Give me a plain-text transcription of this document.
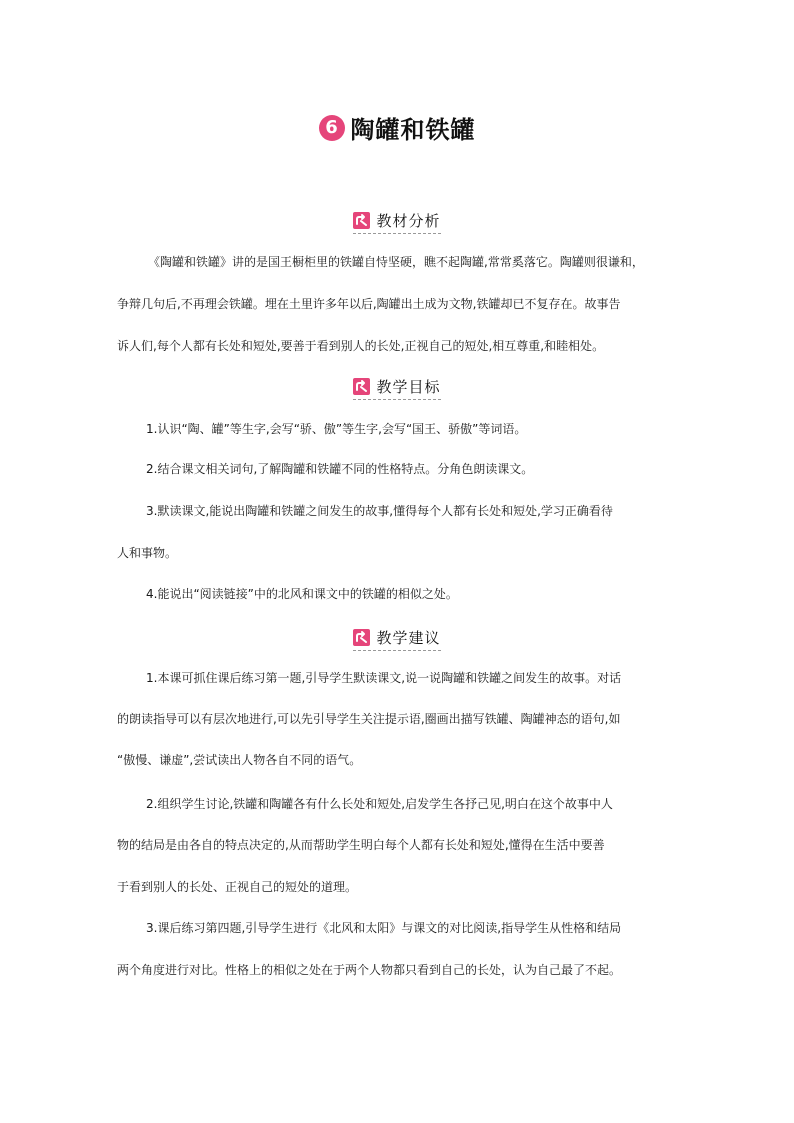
6 陶罐和铁罐
教材分析
《陶罐和铁罐》讲的是国王橱柜里的铁罐自恃坚硬，瞧不起陶罐,常常奚落它。陶罐则很谦和，
争辩几句后,不再理会铁罐。埋在土里许多年以后,陶罐出土成为文物,铁罐却已不复存在。故事告
诉人们,每个人都有长处和短处,要善于看到别人的长处,正视自己的短处,相互尊重,和睦相处。
教学目标
1.认识“陶、罐”等生字,会写“骄、傲”等生字,会写“国王、骄傲”等词语。
2.结合课文相关词句,了解陶罐和铁罐不同的性格特点。分角色朗读课文。
3.默读课文,能说出陶罐和铁罐之间发生的故事,懂得每个人都有长处和短处,学习正确看待
人和事物。
4.能说出“阅读链接”中的北风和课文中的铁罐的相似之处。
教学建议
1.本课可抓住课后练习第一题,引导学生默读课文,说一说陶罐和铁罐之间发生的故事。对话
的朗读指导可以有层次地进行,可以先引导学生关注提示语,圈画出描写铁罐、陶罐神态的语句,如
“傲慢、谦虚”,尝试读出人物各自不同的语气。
2.组织学生讨论,铁罐和陶罐各有什么长处和短处,启发学生各抒己见,明白在这个故事中人
物的结局是由各自的特点决定的,从而帮助学生明白每个人都有长处和短处,懂得在生活中要善
于看到别人的长处、正视自己的短处的道理。
3.课后练习第四题,引导学生进行《北风和太阳》与课文的对比阅读,指导学生从性格和结局
两个角度进行对比。性格上的相似之处在于两个人物都只看到自己的长处，认为自己最了不起。
